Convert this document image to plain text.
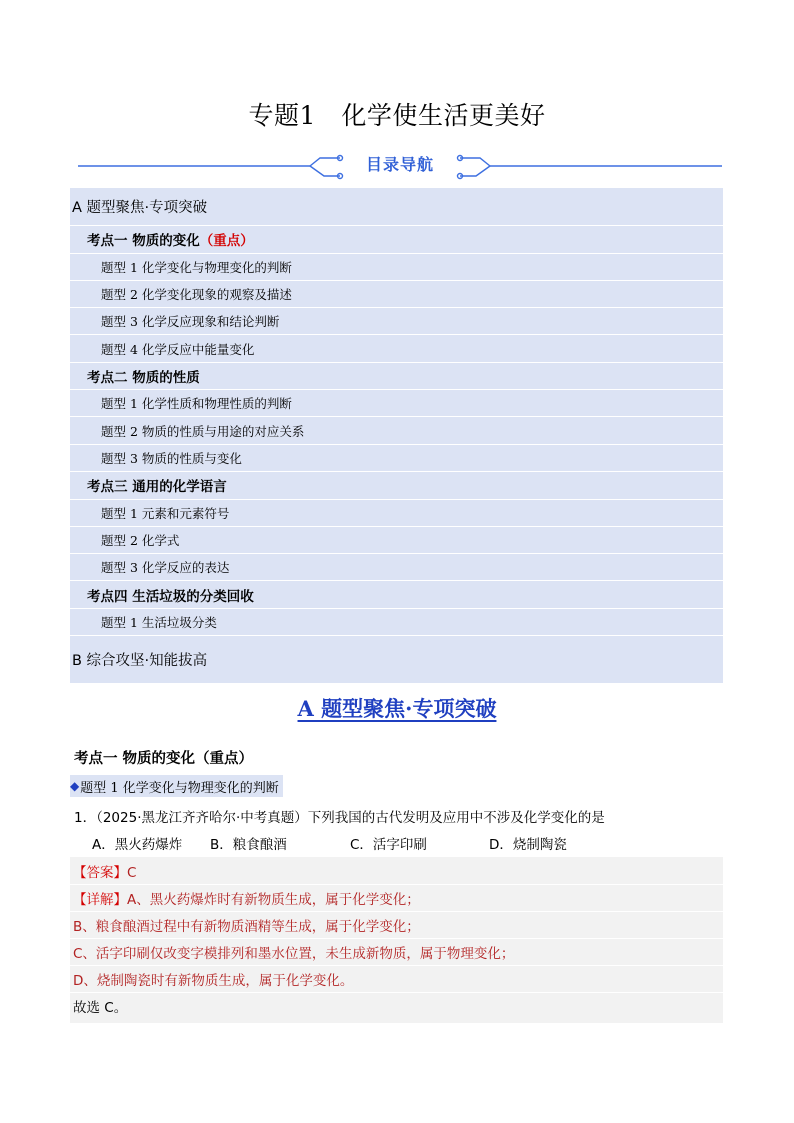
专题1　化学使生活更美好
目录导航
A 题型聚焦·专项突破
考点一 物质的变化 （重点）
题型 1 化学变化与物理变化的判断
题型 2 化学变化现象的观察及描述
题型 3 化学反应现象和结论判断
题型 4 化学反应中能量变化
考点二 物质的性质
题型 1 化学性质和物理性质的判断
题型 2 物质的性质与用途的对应关系
题型 3 物质的性质与变化
考点三 通用的化学语言
题型 1 元素和元素符号
题型 2 化学式
题型 3 化学反应的表达
考点四 生活垃圾的分类回收
题型 1 生活垃圾分类
B 综合攻坚·知能拔高
A 题型聚焦·专项突破
考点一 物质的变化（重点）
◆ 题型 1 化学变化与物理变化的判断
1．（2025·黑龙江齐齐哈尔·中考真题）下列我国的古代发明及应用中不涉及化学变化的是
A．黑火药爆炸 B．粮食酿酒	C．活字印刷	D．烧制陶瓷
【答案】C
【详解】A、黑火药爆炸时有新物质生成，属于化学变化；
B、粮食酿酒过程中有新物质酒精等生成，属于化学变化；
C、活字印刷仅改变字模排列和墨水位置，未生成新物质，属于物理变化；
D、烧制陶瓷时有新物质生成，属于化学变化。
故选 C。
